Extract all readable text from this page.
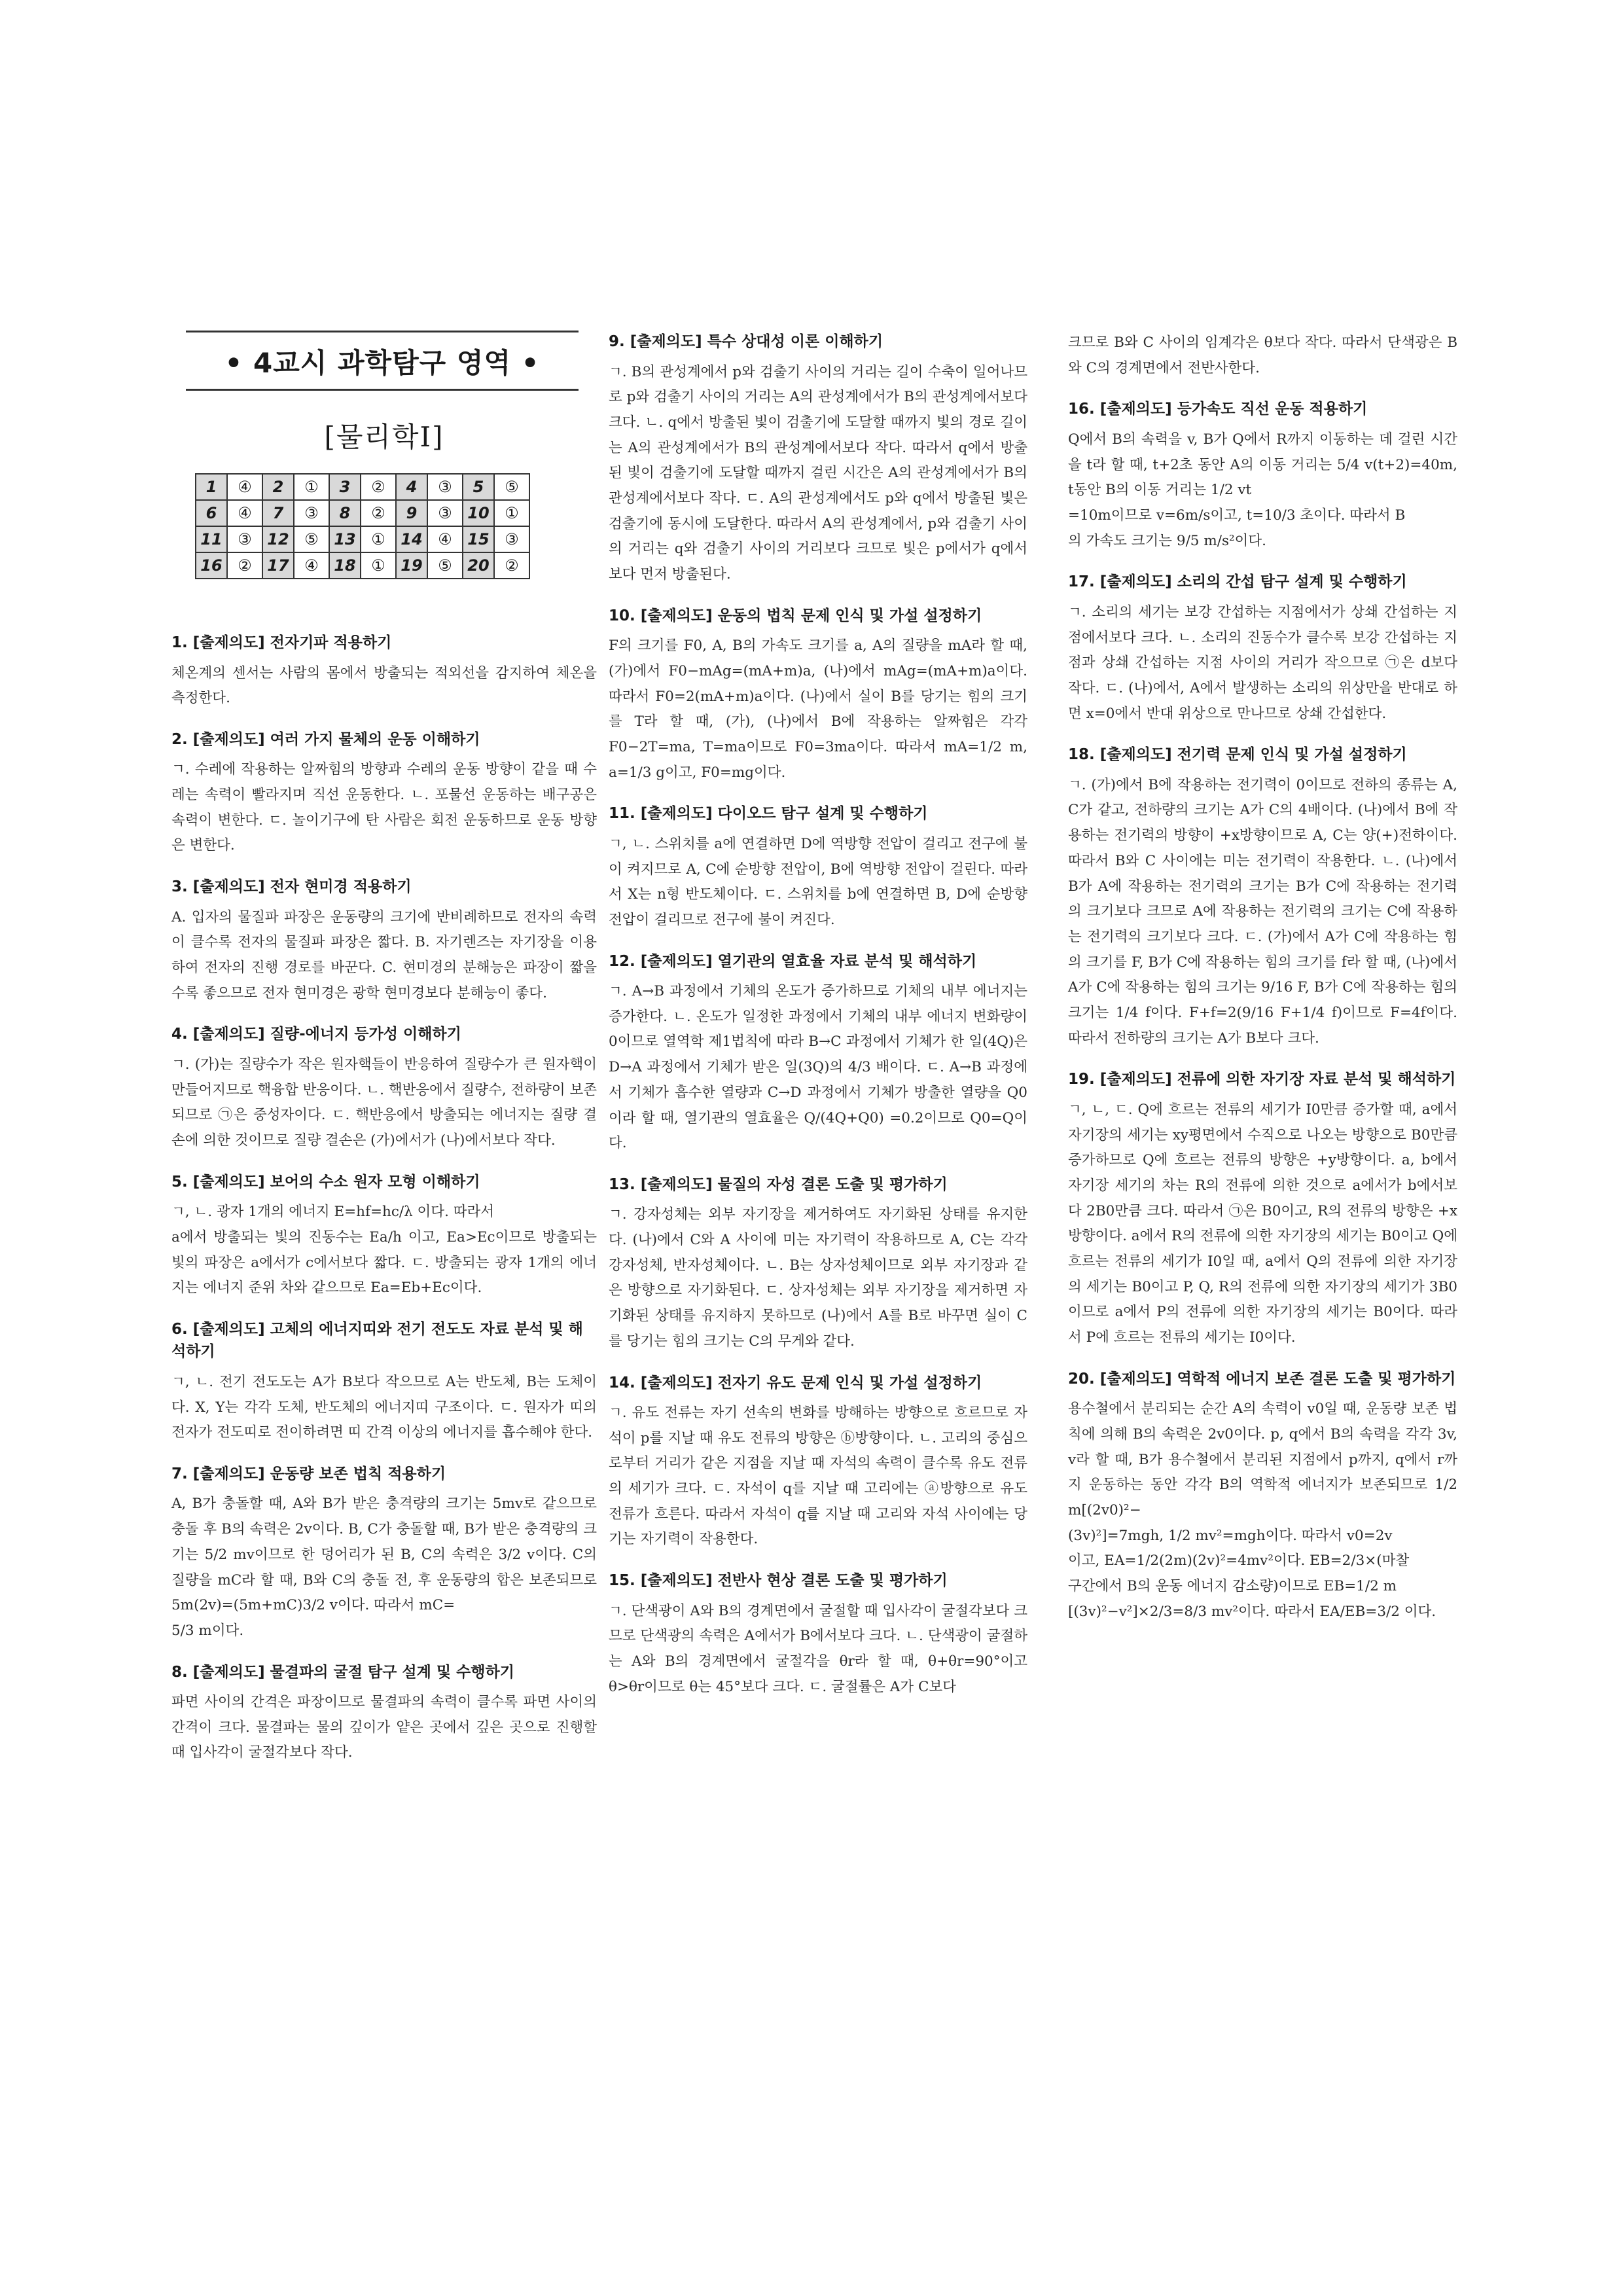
• 4교시 과학탐구 영역 •
[물리학Ⅰ]
1	④	2	①	3	②	4	③	5	⑤
6	④	7	③	8	②	9	③	10	①
11	③	12	⑤	13	①	14	④	15	③
16	②	17	④	18	①	19	⑤	20	②
1. [출제의도] 전자기파 적용하기
체온계의 센서는 사람의 몸에서 방출되는 적외선을 감지하여 체온을 측정한다.
2. [출제의도] 여러 가지 물체의 운동 이해하기
ㄱ. 수레에 작용하는 알짜힘의 방향과 수레의 운동 방향이 같을 때 수레는 속력이 빨라지며 직선 운동한다. ㄴ. 포물선 운동하는 배구공은 속력이 변한다. ㄷ. 놀이기구에 탄 사람은 회전 운동하므로 운동 방향은 변한다.
3. [출제의도] 전자 현미경 적용하기
A. 입자의 물질파 파장은 운동량의 크기에 반비례하므로 전자의 속력이 클수록 전자의 물질파 파장은 짧다. B. 자기렌즈는 자기장을 이용하여 전자의 진행 경로를 바꾼다. C. 현미경의 분해능은 파장이 짧을수록 좋으므로 전자 현미경은 광학 현미경보다 분해능이 좋다.
4. [출제의도] 질량-에너지 등가성 이해하기
ㄱ. (가)는 질량수가 작은 원자핵들이 반응하여 질량수가 큰 원자핵이 만들어지므로 핵융합 반응이다. ㄴ. 핵반응에서 질량수, 전하량이 보존되므로 ㉠은 중성자이다. ㄷ. 핵반응에서 방출되는 에너지는 질량 결손에 의한 것이므로 질량 결손은 (가)에서가 (나)에서보다 작다.
5. [출제의도] 보어의 수소 원자 모형 이해하기
ㄱ, ㄴ. 광자 1개의 에너지 E=hf=hc/λ 이다. 따라서
a에서 방출되는 빛의 진동수는 Ea/h 이고, Ea>Ec이므로 방출되는 빛의 파장은 a에서가 c에서보다 짧다. ㄷ. 방출되는 광자 1개의 에너지는 에너지 준위 차와 같으므로 Ea=Eb+Ec이다.
6. [출제의도] 고체의 에너지띠와 전기 전도도 자료 분석 및 해석하기
ㄱ, ㄴ. 전기 전도도는 A가 B보다 작으므로 A는 반도체, B는 도체이다. X, Y는 각각 도체, 반도체의 에너지띠 구조이다. ㄷ. 원자가 띠의 전자가 전도띠로 전이하려면 띠 간격 이상의 에너지를 흡수해야 한다.
7. [출제의도] 운동량 보존 법칙 적용하기
A, B가 충돌할 때, A와 B가 받은 충격량의 크기는 5mv로 같으므로 충돌 후 B의 속력은 2v이다. B, C가 충돌할 때, B가 받은 충격량의 크기는 5/2 mv이므로 한 덩어리가 된 B, C의 속력은 3/2 v이다. C의 질량을 mC라 할 때, B와 C의 충돌 전, 후 운동량의 합은 보존되므로 5m(2v)=(5m+mC)3/2 v이다. 따라서 mC=
5/3 m이다.
8. [출제의도] 물결파의 굴절 탐구 설계 및 수행하기
파면 사이의 간격은 파장이므로 물결파의 속력이 클수록 파면 사이의 간격이 크다. 물결파는 물의 깊이가 얕은 곳에서 깊은 곳으로 진행할 때 입사각이 굴절각보다 작다.
9. [출제의도] 특수 상대성 이론 이해하기
ㄱ. B의 관성계에서 p와 검출기 사이의 거리는 길이 수축이 일어나므로 p와 검출기 사이의 거리는 A의 관성계에서가 B의 관성계에서보다 크다. ㄴ. q에서 방출된 빛이 검출기에 도달할 때까지 빛의 경로 길이는 A의 관성계에서가 B의 관성계에서보다 작다. 따라서 q에서 방출된 빛이 검출기에 도달할 때까지 걸린 시간은 A의 관성계에서가 B의 관성계에서보다 작다. ㄷ. A의 관성계에서도 p와 q에서 방출된 빛은 검출기에 동시에 도달한다. 따라서 A의 관성계에서, p와 검출기 사이의 거리는 q와 검출기 사이의 거리보다 크므로 빛은 p에서가 q에서보다 먼저 방출된다.
10. [출제의도] 운동의 법칙 문제 인식 및 가설 설정하기
F의 크기를 F0, A, B의 가속도 크기를 a, A의 질량을 mA라 할 때, (가)에서 F0−mAg=(mA+m)a, (나)에서 mAg=(mA+m)a이다. 따라서 F0=2(mA+m)a이다. (나)에서 실이 B를 당기는 힘의 크기를 T라 할 때, (가), (나)에서 B에 작용하는 알짜힘은 각각 F0−2T=ma, T=ma이므로 F0=3ma이다. 따라서 mA=1/2 m, a=1/3 g이고, F0=mg이다.
11. [출제의도] 다이오드 탐구 설계 및 수행하기
ㄱ, ㄴ. 스위치를 a에 연결하면 D에 역방향 전압이 걸리고 전구에 불이 켜지므로 A, C에 순방향 전압이, B에 역방향 전압이 걸린다. 따라서 X는 n형 반도체이다. ㄷ. 스위치를 b에 연결하면 B, D에 순방향 전압이 걸리므로 전구에 불이 켜진다.
12. [출제의도] 열기관의 열효율 자료 분석 및 해석하기
ㄱ. A→B 과정에서 기체의 온도가 증가하므로 기체의 내부 에너지는 증가한다. ㄴ. 온도가 일정한 과정에서 기체의 내부 에너지 변화량이 0이므로 열역학 제1법칙에 따라 B→C 과정에서 기체가 한 일(4Q)은 D→A 과정에서 기체가 받은 일(3Q)의 4/3 배이다. ㄷ. A→B 과정에서 기체가 흡수한 열량과 C→D 과정에서 기체가 방출한 열량을 Q0이라 할 때, 열기관의 열효율은 Q/(4Q+Q0) =0.2이므로 Q0=Q이다.
13. [출제의도] 물질의 자성 결론 도출 및 평가하기
ㄱ. 강자성체는 외부 자기장을 제거하여도 자기화된 상태를 유지한다. (나)에서 C와 A 사이에 미는 자기력이 작용하므로 A, C는 각각 강자성체, 반자성체이다. ㄴ. B는 상자성체이므로 외부 자기장과 같은 방향으로 자기화된다. ㄷ. 상자성체는 외부 자기장을 제거하면 자기화된 상태를 유지하지 못하므로 (나)에서 A를 B로 바꾸면 실이 C를 당기는 힘의 크기는 C의 무게와 같다.
14. [출제의도] 전자기 유도 문제 인식 및 가설 설정하기
ㄱ. 유도 전류는 자기 선속의 변화를 방해하는 방향으로 흐르므로 자석이 p를 지날 때 유도 전류의 방향은 ⓑ방향이다. ㄴ. 고리의 중심으로부터 거리가 같은 지점을 지날 때 자석의 속력이 클수록 유도 전류의 세기가 크다. ㄷ. 자석이 q를 지날 때 고리에는 ⓐ방향으로 유도 전류가 흐른다. 따라서 자석이 q를 지날 때 고리와 자석 사이에는 당기는 자기력이 작용한다.
15. [출제의도] 전반사 현상 결론 도출 및 평가하기
ㄱ. 단색광이 A와 B의 경계면에서 굴절할 때 입사각이 굴절각보다 크므로 단색광의 속력은 A에서가 B에서보다 크다. ㄴ. 단색광이 굴절하는 A와 B의 경계면에서 굴절각을 θr라 할 때, θ+θr=90°이고 θ>θr이므로 θ는 45°보다 크다. ㄷ. 굴절률은 A가 C보다
크므로 B와 C 사이의 임계각은 θ보다 작다. 따라서 단색광은 B와 C의 경계면에서 전반사한다.
16. [출제의도] 등가속도 직선 운동 적용하기
Q에서 B의 속력을 v, B가 Q에서 R까지 이동하는 데 걸린 시간을 t라 할 때, t+2초 동안 A의 이동 거리는 5/4 v(t+2)=40m, t동안 B의 이동 거리는 1/2 vt
=10m이므로 v=6m/s이고, t=10/3 초이다. 따라서 B
의 가속도 크기는 9/5 m/s²이다.
17. [출제의도] 소리의 간섭 탐구 설계 및 수행하기
ㄱ. 소리의 세기는 보강 간섭하는 지점에서가 상쇄 간섭하는 지점에서보다 크다. ㄴ. 소리의 진동수가 클수록 보강 간섭하는 지점과 상쇄 간섭하는 지점 사이의 거리가 작으므로 ㉠은 d보다 작다. ㄷ. (나)에서, A에서 발생하는 소리의 위상만을 반대로 하면 x=0에서 반대 위상으로 만나므로 상쇄 간섭한다.
18. [출제의도] 전기력 문제 인식 및 가설 설정하기
ㄱ. (가)에서 B에 작용하는 전기력이 0이므로 전하의 종류는 A, C가 같고, 전하량의 크기는 A가 C의 4배이다. (나)에서 B에 작용하는 전기력의 방향이 +x방향이므로 A, C는 양(+)전하이다. 따라서 B와 C 사이에는 미는 전기력이 작용한다. ㄴ. (나)에서 B가 A에 작용하는 전기력의 크기는 B가 C에 작용하는 전기력의 크기보다 크므로 A에 작용하는 전기력의 크기는 C에 작용하는 전기력의 크기보다 크다. ㄷ. (가)에서 A가 C에 작용하는 힘의 크기를 F, B가 C에 작용하는 힘의 크기를 f라 할 때, (나)에서 A가 C에 작용하는 힘의 크기는 9/16 F, B가 C에 작용하는 힘의 크기는 1/4 f이다. F+f=2(9/16 F+1/4 f)이므로 F=4f이다. 따라서 전하량의 크기는 A가 B보다 크다.
19. [출제의도] 전류에 의한 자기장 자료 분석 및 해석하기
ㄱ, ㄴ, ㄷ. Q에 흐르는 전류의 세기가 I0만큼 증가할 때, a에서 자기장의 세기는 xy평면에서 수직으로 나오는 방향으로 B0만큼 증가하므로 Q에 흐르는 전류의 방향은 +y방향이다. a, b에서 자기장 세기의 차는 R의 전류에 의한 것으로 a에서가 b에서보다 2B0만큼 크다. 따라서 ㉠은 B0이고, R의 전류의 방향은 +x방향이다. a에서 R의 전류에 의한 자기장의 세기는 B0이고 Q에 흐르는 전류의 세기가 I0일 때, a에서 Q의 전류에 의한 자기장의 세기는 B0이고 P, Q, R의 전류에 의한 자기장의 세기가 3B0이므로 a에서 P의 전류에 의한 자기장의 세기는 B0이다. 따라서 P에 흐르는 전류의 세기는 I0이다.
20. [출제의도] 역학적 에너지 보존 결론 도출 및 평가하기
용수철에서 분리되는 순간 A의 속력이 v0일 때, 운동량 보존 법칙에 의해 B의 속력은 2v0이다. p, q에서 B의 속력을 각각 3v, v라 할 때, B가 용수철에서 분리된 지점에서 p까지, q에서 r까지 운동하는 동안 각각 B의 역학적 에너지가 보존되므로 1/2 m[(2v0)²−
(3v)²]=7mgh, 1/2 mv²=mgh이다. 따라서 v0=2v
이고, EA=1/2(2m)(2v)²=4mv²이다. EB=2/3×(마찰
구간에서 B의 운동 에너지 감소량)이므로 EB=1/2 m
[(3v)²−v²]×2/3=8/3 mv²이다. 따라서 EA/EB=3/2 이다.
